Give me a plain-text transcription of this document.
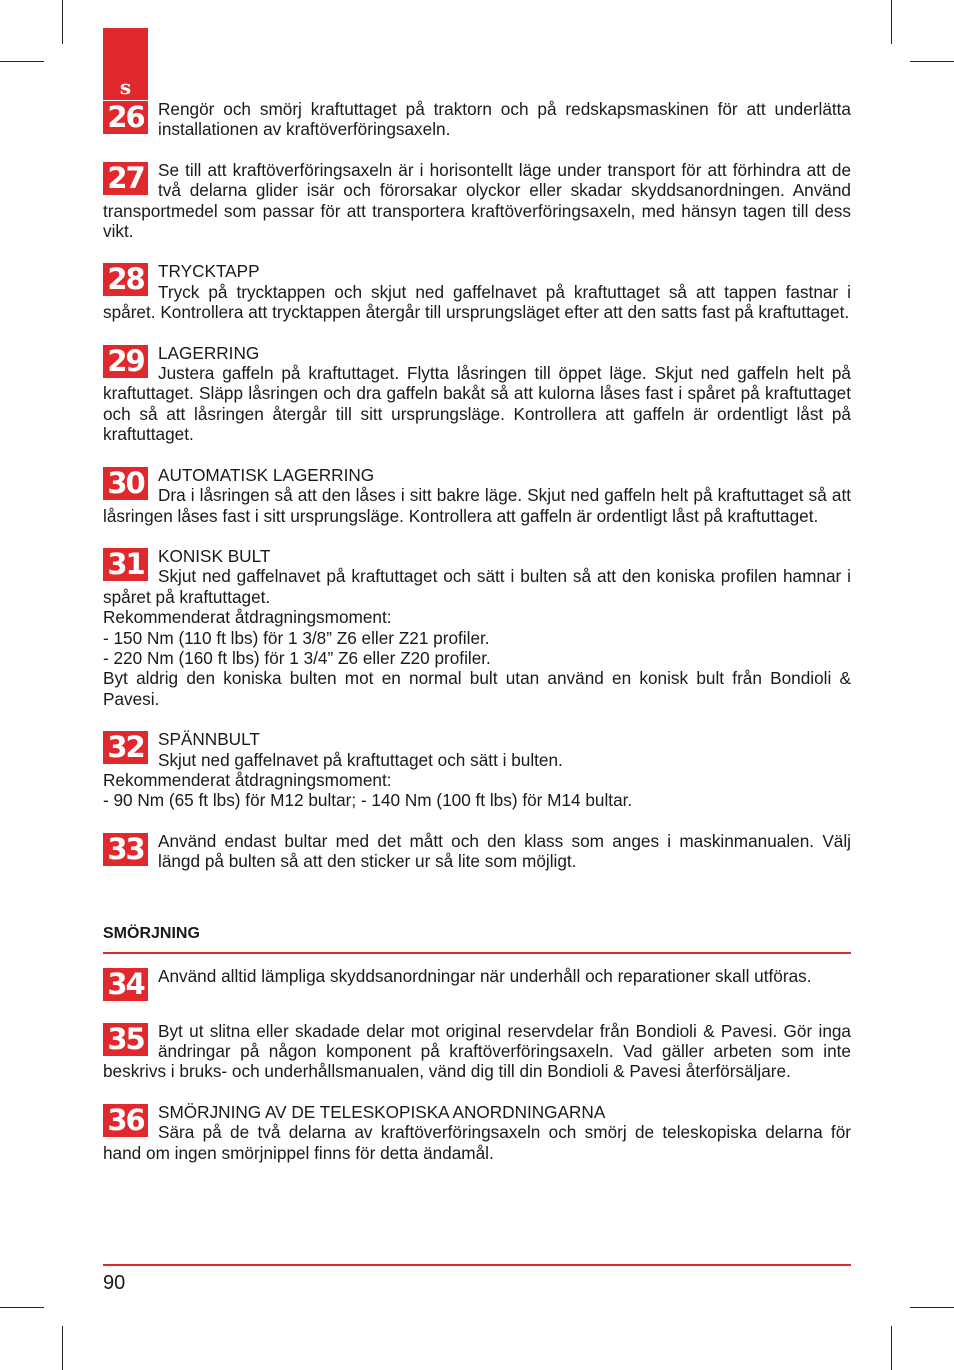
s
26 Rengör och smörj kraftuttaget på traktorn och på redskapsmaskinen för att underlätta installationen av kraftöverföringsaxeln.
27 Se till att kraftöverföringsaxeln är i horisontellt läge under transport för att förhindra att de två delarna glider isär och förorsakar olyckor eller skadar skyddsanordningen. Använd transportmedel som passar för att transportera kraftöverföringsaxeln, med hänsyn tagen till dess vikt.
28 TRYCKTAPP
Tryck på trycktappen och skjut ned gaffelnavet på kraftuttaget så att tappen fastnar i spåret. Kontrollera att trycktappen återgår till ursprungsläget efter att den satts fast på kraftuttaget.
29 LAGERRING
Justera gaffeln på kraftuttaget. Flytta låsringen till öppet läge. Skjut ned gaffeln helt på kraftuttaget. Släpp låsringen och dra gaffeln bakåt så att kulorna låses fast i spåret på kraftuttaget och så att låsringen återgår till sitt ursprungsläge. Kontrollera att gaffeln är ordentligt låst på kraftuttaget.
30 AUTOMATISK LAGERRING
Dra i låsringen så att den låses i sitt bakre läge. Skjut ned gaffeln helt på kraftuttaget så att låsringen låses fast i sitt ursprungsläge. Kontrollera att gaffeln är ordentligt låst på kraftuttaget.
31 KONISK BULT
Skjut ned gaffelnavet på kraftuttaget och sätt i bulten så att den koniska profilen hamnar i spåret på kraftuttaget.
Rekommenderat åtdragningsmoment:
- 150 Nm (110 ft lbs) för 1 3/8” Z6 eller Z21 profiler.
- 220 Nm (160 ft lbs) för 1 3/4” Z6 eller Z20 profiler.
Byt aldrig den koniska bulten mot en normal bult utan använd en konisk bult från Bondioli & Pavesi.
32 SPÄNNBULT
Skjut ned gaffelnavet på kraftuttaget och sätt i bulten.
Rekommenderat åtdragningsmoment:
- 90 Nm (65 ft lbs) för M12 bultar; - 140 Nm (100 ft lbs) för M14 bultar.
33 Använd endast bultar med det mått och den klass som anges i maskinmanualen. Välj längd på bulten så att den sticker ur så lite som möjligt.
SMÖRJNING
34 Använd alltid lämpliga skyddsanordningar när underhåll och reparationer skall utföras.
35 Byt ut slitna eller skadade delar mot original reservdelar från Bondioli & Pavesi. Gör inga ändringar på någon komponent på kraftöverföringsaxeln. Vad gäller arbeten som inte beskrivs i bruks- och underhållsmanualen, vänd dig till din Bondioli & Pavesi återförsäljare.
36 SMÖRJNING AV DE TELESKOPISKA ANORDNINGARNA
Sära på de två delarna av kraftöverföringsaxeln och smörj de teleskopiska delarna för hand om ingen smörjnippel finns för detta ändamål.
90
